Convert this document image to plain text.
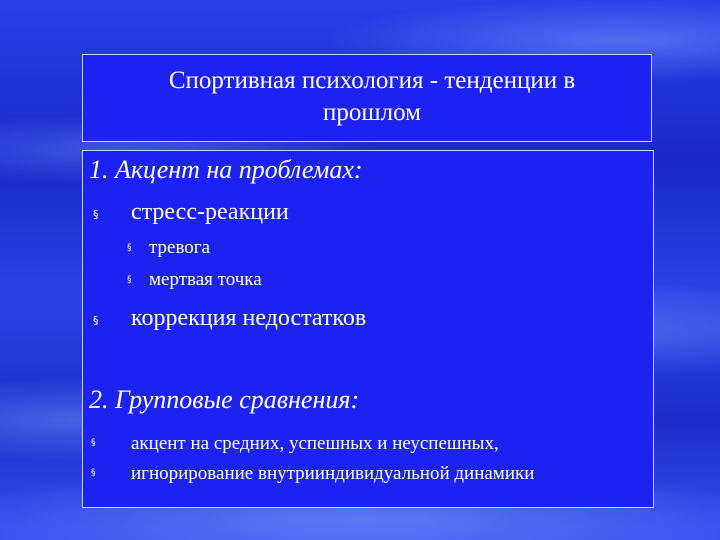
Спортивная психология - тенденции в
прошлом
1. Акцент на проблемах:
§ стресс-реакции
§ тревога
§ мертвая точка
§ коррекция недостатков
2. Групповые сравнения:
§ акцент на средних, успешных и неуспешных,
§ игнорирование внутрииндивидуальной динамики
